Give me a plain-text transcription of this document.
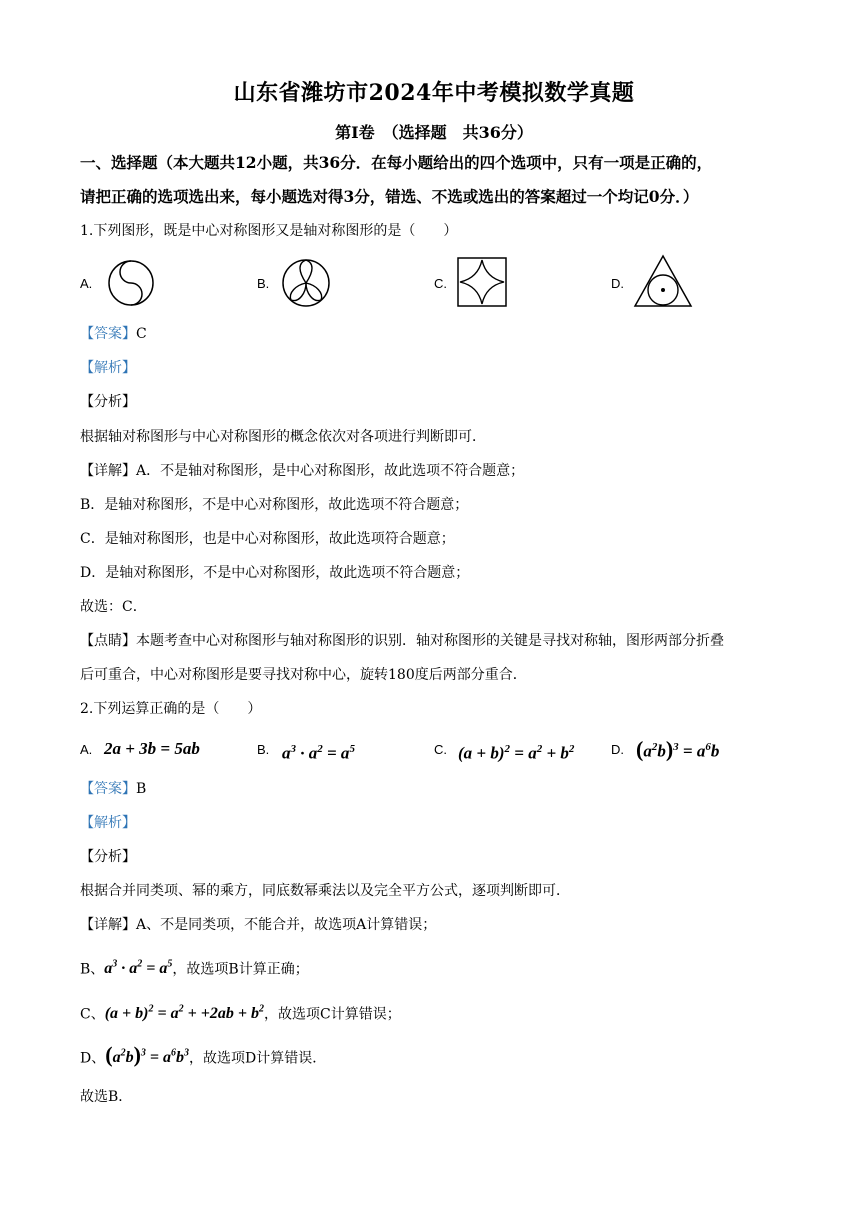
山东省潍坊市2024年中考模拟数学真题
第Ⅰ卷　（选择题　共36分）
一、选择题（本大题共12小题，共36分．在每小题给出的四个选项中，只有一项是正确的，
请把正确的选项选出来，每小题选对得3分，错选、不选或选出的答案超过一个均记0分．）
1.下列图形，既是中心对称图形又是轴对称图形的是（　　）
A.	B.	C.	D.
【答案】C
【解析】
【分析】
根据轴对称图形与中心对称图形的概念依次对各项进行判断即可．
【详解】A．不是轴对称图形，是中心对称图形，故此选项不符合题意；
B．是轴对称图形，不是中心对称图形，故此选项不符合题意；
C．是轴对称图形，也是中心对称图形，故此选项符合题意；
D．是轴对称图形，不是中心对称图形，故此选项不符合题意；
故选：C．
【点睛】本题考查中心对称图形与轴对称图形的识别．轴对称图形的关键是寻找对称轴，图形两部分折叠
后可重合，中心对称图形是要寻找对称中心，旋转180度后两部分重合．
2.下列运算正确的是（　　）
A. 2a + 3b = 5ab	B. $a^3 \cdot a^2 = a^5$	C. $(a + b)^2 = a^2 + b^2$	D. $(a^2b)^3 = a^6b$
【答案】B
【解析】
【分析】
根据合并同类项、幂的乘方，同底数幂乘法以及完全平方公式，逐项判断即可．
【详解】A、不是同类项，不能合并，故选项A计算错误；
B、$a^3 \cdot a^2 = a^5$，故选项B计算正确；
C、$(a + b)^2 = a^2 + +2ab + b^2$，故选项C计算错误；
D、$(a^2b)^3 = a^6b^3$，故选项D计算错误．
故选B．
